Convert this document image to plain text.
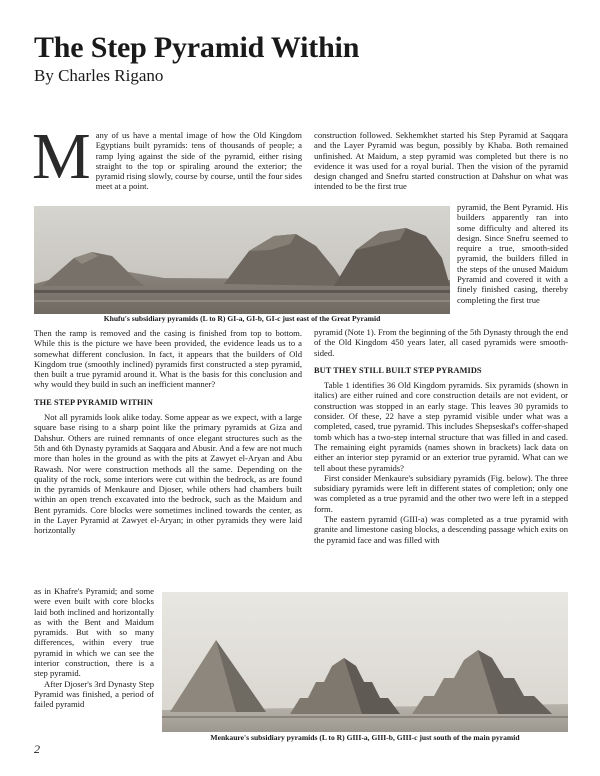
The Step Pyramid Within
By Charles Rigano

M any of us have a mental image of how the Old Kingdom Egyptians built pyramids: tens of thousands of people; a ramp lying against the side of the pyramid, either rising straight to the top or spiraling around the exterior; the pyramid rising slowly, course by course, until the four sides meet at a point.

Khufu's subsidiary pyramids (L to R) GI-a, GI-b, GI-c just east of the Great Pyramid

Then the ramp is removed and the casing is finished from top to bottom. While this is the picture we have been provided, the evidence leads us to a somewhat different conclusion. In fact, it appears that the builders of Old Kingdom true (smoothly inclined) pyramids first constructed a step pyramid, then built a true pyramid around it. What is the basis for this conclusion and why would they build in such an inefficient manner?

THE STEP PYRAMID WITHIN

Not all pyramids look alike today. Some appear as we expect, with a large square base rising to a sharp point like the primary pyramids at Giza and Dahshur. Others are ruined remnants of once elegant structures such as the 5th and 6th Dynasty pyramids at Saqqara and Abusir. And a few are not much more than holes in the ground as with the pits at Zawyet el-Aryan and Abu Rawash. Nor were construction methods all the same. Depending on the quality of the rock, some interiors were cut within the bedrock, as are found in the pyramids of Menkaure and Djoser, while others had chambers built within an open trench excavated into the bedrock, such as the Maidum and Bent pyramids. Core blocks were sometimes inclined towards the center, as in the Layer Pyramid at Zawyet el-Aryan; in other pyramids they were laid horizontally

as in Khafre's Pyramid; and some were even built with core blocks laid both inclined and horizontally as with the Bent and Maidum pyramids. But with so many differences, within every true pyramid in which we can see the interior construction, there is a step pyramid.

After Djoser's 3rd Dynasty Step Pyramid was finished, a period of failed pyramid

construction followed. Sekhemkhet started his Step Pyramid at Saqqara and the Layer Pyramid was begun, possibly by Khaba. Both remained unfinished. At Maidum, a step pyramid was completed but there is no evidence it was used for a royal burial. Then the vision of the pyramid design changed and Snefru started construction at Dahshur on what was intended to be the first true

pyramid, the Bent Pyramid. His builders apparently ran into some difficulty and altered its design. Since Snefru seemed to require a true, smooth-sided pyramid, the builders filled in the steps of the unused Maidum Pyramid and covered it with a finely finished casing, thereby completing the first true

pyramid (Note 1). From the beginning of the 5th Dynasty through the end of the Old Kingdom 450 years later, all cased pyramids were smooth-sided.

BUT THEY STILL BUILT STEP PYRAMIDS

Table 1 identifies 36 Old Kingdom pyramids. Six pyramids (shown in italics) are either ruined and core construction details are not evident, or construction was stopped in an early stage. This leaves 30 pyramids to consider. Of these, 22 have a step pyramid visible under what was a completed, cased, true pyramid. This includes Shepseskaf's coffer-shaped tomb which has a two-step internal structure that was filled in and cased. The remaining eight pyramids (names shown in brackets) lack data on either an interior step pyramid or an exterior true pyramid. What can we tell about these pyramids?

First consider Menkaure's subsidiary pyramids (Fig. below). The three subsidiary pyramids were left in different states of completion; only one was completed as a true pyramid and the other two were left in a stepped form.

The eastern pyramid (GIII-a) was completed as a true pyramid with granite and limestone casing blocks, a descending passage which exits on the pyramid face and was filled with

Menkaure's subsidiary pyramids (L to R) GIII-a, GIII-b, GIII-c just south of the main pyramid
2
